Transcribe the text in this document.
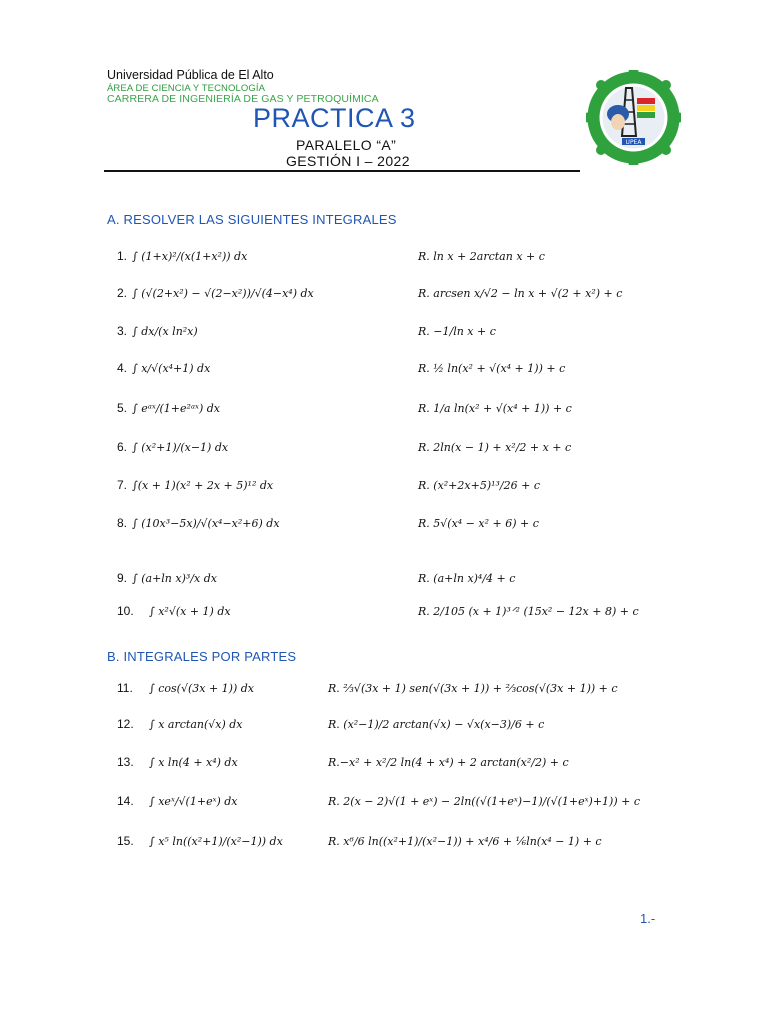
Universidad Pública de El Alto
ÁREA DE CIENCIA Y TECNOLOGÍA
CARRERA DE INGENIERÍA DE GAS Y PETROQUÍMICA
PRACTICA 3
PARALELO “A”
GESTIÓN I – 2022
UPEA
A. RESOLVER LAS SIGUIENTES INTEGRALES
1. ∫ (1+x)²/(x(1+x²)) dx	R. ln x + 2arctan x + c
2. ∫ (√(2+x²) − √(2−x²))/√(4−x⁴) dx	R. arcsen x/√2 − ln x + √(2 + x²) + c
3. ∫ dx/(x ln²x)	R. −1/ln x + c
4. ∫ x/√(x⁴+1) dx	R. ½ ln(x² + √(x⁴ + 1)) + c
5. ∫ eᵃˣ/(1+e²ᵃˣ) dx	R. 1/a ln(x² + √(x⁴ + 1)) + c
6. ∫ (x²+1)/(x−1) dx	R. 2ln(x − 1) + x²/2 + x + c
7. ∫(x + 1)(x² + 2x + 5)¹² dx	R. (x²+2x+5)¹³/26 + c
8. ∫ (10x³−5x)/√(x⁴−x²+6) dx	R. 5√(x⁴ − x² + 6) + c
9. ∫ (a+ln x)³/x dx	R. (a+ln x)⁴/4 + c
10. ∫ x²√(x + 1) dx	R. 2/105 (x + 1)³ᐟ² (15x² − 12x + 8) + c
B. INTEGRALES POR PARTES
11. ∫ cos(√(3x + 1)) dx	R. ⅔√(3x + 1) sen(√(3x + 1)) + ⅔cos(√(3x + 1)) + c
12. ∫ x arctan(√x) dx	R. (x²−1)/2 arctan(√x) − √x(x−3)/6 + c
13. ∫ x ln(4 + x⁴) dx	R.−x² + x²/2 ln(4 + x⁴) + 2 arctan(x²/2) + c
14. ∫ xeˣ/√(1+eˣ) dx	R. 2(x − 2)√(1 + eˣ) − 2ln((√(1+eˣ)−1)/(√(1+eˣ)+1)) + c
15. ∫ x⁵ ln((x²+1)/(x²−1)) dx	R. x⁶/6 ln((x²+1)/(x²−1)) + x⁴/6 + ⅙ln(x⁴ − 1) + c
1.-
